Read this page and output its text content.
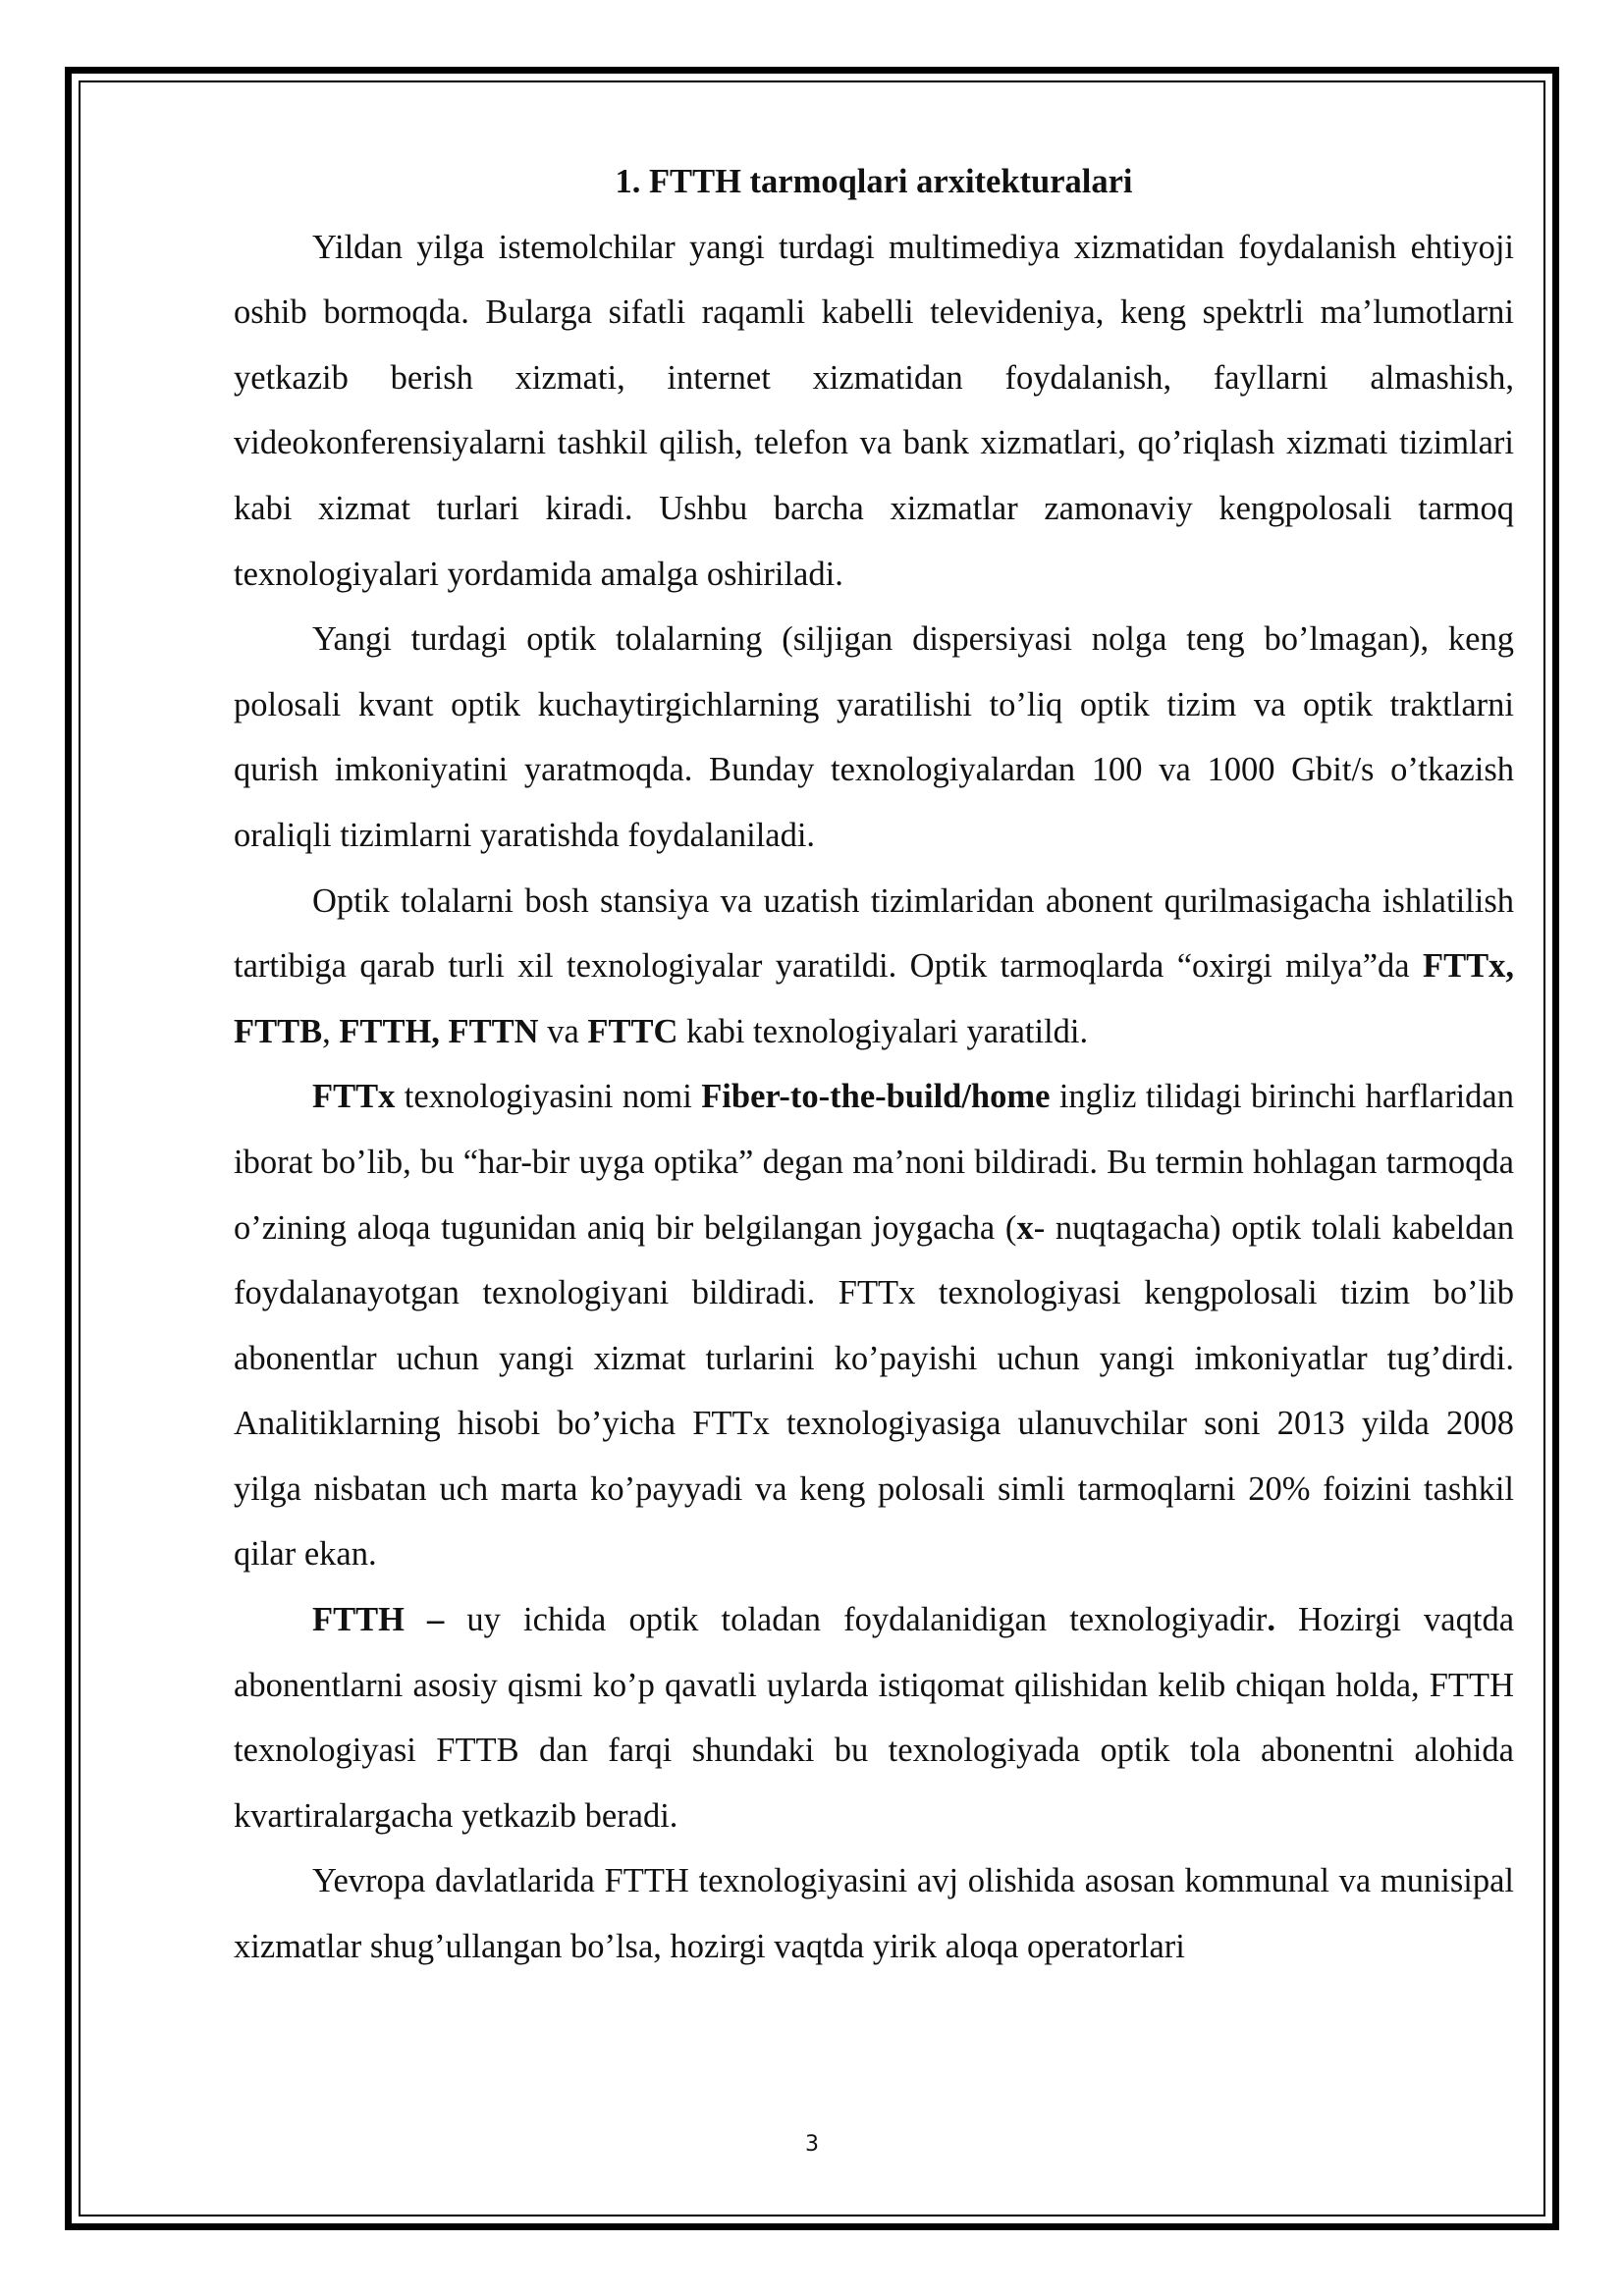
1. FTTH tarmoqlari arxitekturalari

Yildan yilga istemolchilar yangi turdagi multimediya xizmatidan foydalanish ehtiyoji oshib bormoqda. Bularga sifatli raqamli kabelli televideniya, keng spektrli ma’lumotlarni yetkazib berish xizmati, internet xizmatidan foydalanish, fayllarni almashish, videokonferensiyalarni tashkil qilish, telefon va bank xizmatlari, qo’riqlash xizmati tizimlari kabi xizmat turlari kiradi. Ushbu barcha xizmatlar zamonaviy kengpolosali tarmoq texnologiyalari yordamida amalga oshiriladi.

Yangi turdagi optik tolalarning (siljigan dispersiyasi nolga teng bo’lmagan), keng polosali kvant optik kuchaytirgichlarning yaratilishi to’liq optik tizim va optik traktlarni qurish imkoniyatini yaratmoqda. Bunday texnologiyalardan 100 va 1000 Gbit/s o’tkazish oraliqli tizimlarni yaratishda foydalaniladi.

Optik tolalarni bosh stansiya va uzatish tizimlaridan abonent qurilmasigacha ishlatilish tartibiga qarab turli xil texnologiyalar yaratildi. Optik tarmoqlarda “oxirgi milya”da FTTx, FTTB, FTTH, FTTN va FTTC kabi texnologiyalari yaratildi.

FTTx texnologiyasini nomi Fiber-to-the-build/home ingliz tilidagi birinchi harflaridan iborat bo’lib, bu “har-bir uyga optika” degan ma’noni bildiradi. Bu termin hohlagan tarmoqda o’zining aloqa tugunidan aniq bir belgilangan joygacha (x- nuqtagacha) optik tolali kabeldan foydalanayotgan texnologiyani bildiradi. FTTx texnologiyasi kengpolosali tizim bo’lib abonentlar uchun yangi xizmat turlarini ko’payishi uchun yangi imkoniyatlar tug’dirdi. Analitiklarning hisobi bo’yicha FTTx texnologiyasiga ulanuvchilar soni 2013 yilda 2008 yilga nisbatan uch marta ko’payyadi va keng polosali simli tarmoqlarni 20% foizini tashkil qilar ekan.

FTTH – uy ichida optik toladan foydalanidigan texnologiyadir. Hozirgi vaqtda abonentlarni asosiy qismi ko’p qavatli uylarda istiqomat qilishidan kelib chiqan holda, FTTH texnologiyasi FTTB dan farqi shundaki bu texnologiyada optik tola abonentni alohida kvartiralargacha yetkazib beradi.

Yevropa davlatlarida FTTH texnologiyasini avj olishida asosan kommunal va munisipal xizmatlar shug’ullangan bo’lsa, hozirgi vaqtda yirik aloqa operatorlari

3
